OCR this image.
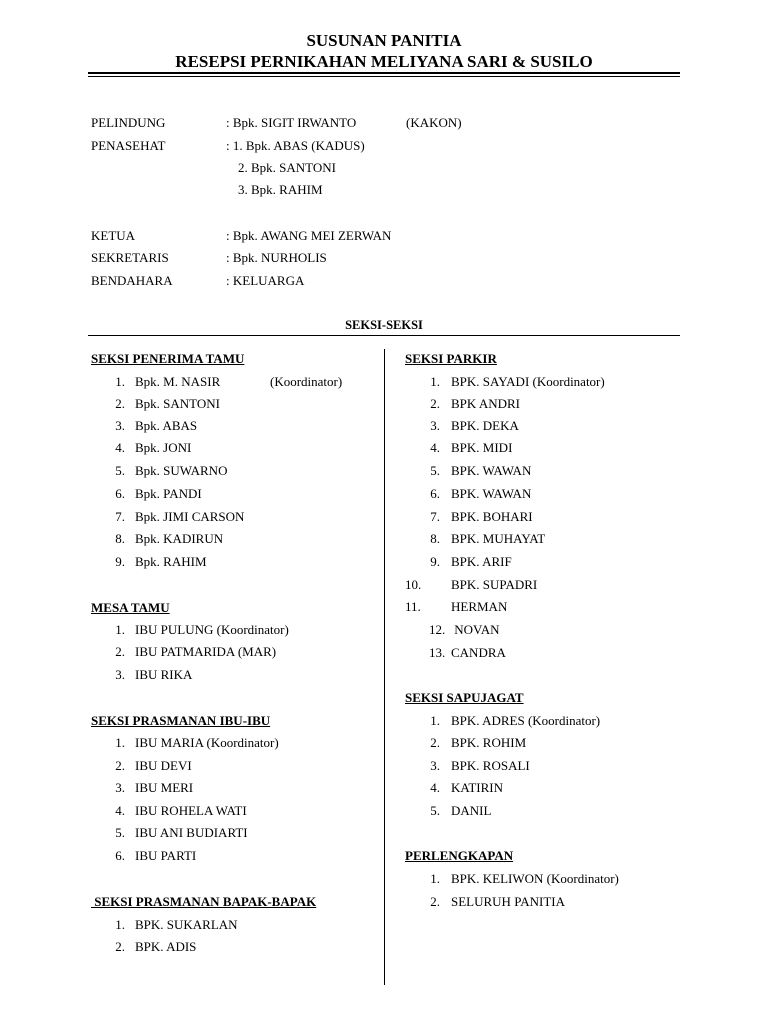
SUSUNAN PANITIA
RESEPSI PERNIKAHAN MELIYANA SARI & SUSILO
PELINDUNG	: Bpk. SIGIT IRWANTO	(KAKON)
PENASEHAT	: 1. Bpk. ABAS (KADUS)
2. Bpk. SANTONI
3. Bpk. RAHIM
KETUA	: Bpk. AWANG MEI ZERWAN
SEKRETARIS	: Bpk. NURHOLIS
BENDAHARA	: KELUARGA
SEKSI-SEKSI
SEKSI PENERIMA TAMU
1. Bpk. M. NASIR	(Koordinator)
2. Bpk. SANTONI
3. Bpk. ABAS
4. Bpk. JONI
5. Bpk. SUWARNO
6. Bpk. PANDI
7. Bpk. JIMI CARSON
8. Bpk. KADIRUN
9. Bpk. RAHIM
MESA TAMU
1. IBU PULUNG (Koordinator)
2. IBU PATMARIDA (MAR)
3. IBU RIKA
SEKSI PRASMANAN IBU-IBU
1. IBU MARIA (Koordinator)
2. IBU DEVI
3. IBU MERI
4. IBU ROHELA WATI
5. IBU ANI BUDIARTI
6. IBU PARTI
SEKSI PRASMANAN BAPAK-BAPAK
1. BPK. SUKARLAN
2. BPK. ADIS
SEKSI PARKIR
1. BPK. SAYADI (Koordinator)
2. BPK ANDRI
3. BPK. DEKA
4. BPK. MIDI
5. BPK. WAWAN
6. BPK. WAWAN
7. BPK. BOHARI
8. BPK. MUHAYAT
9. BPK. ARIF
10.	BPK. SUPADRI
11.	HERMAN
12. NOVAN
13. CANDRA
SEKSI SAPUJAGAT
1. BPK. ADRES (Koordinator)
2. BPK. ROHIM
3. BPK. ROSALI
4. KATIRIN
5. DANIL
PERLENGKAPAN
1. BPK. KELIWON (Koordinator)
2. SELURUH PANITIA
